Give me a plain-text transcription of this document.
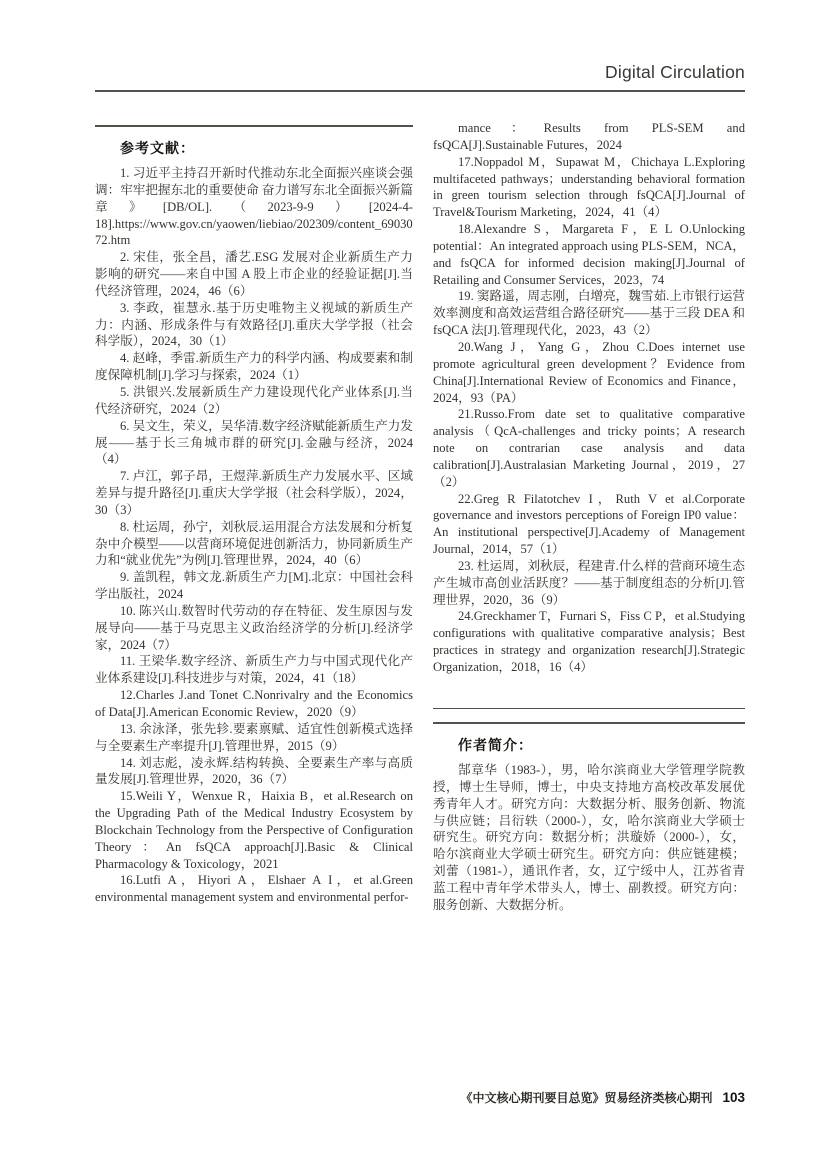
Digital Circulation
参考文献：

1. 习近平主持召开新时代推动东北全面振兴座谈会强调：牢牢把握东北的重要使命 奋力谱写东北全面振兴新篇章》[DB/OL].（2023-9-9）[2024-4-18].https://www.gov.cn/yaowen/liebiao/202309/content_6903072.htm

2. 宋佳，张全昌，潘艺.ESG 发展对企业新质生产力影响的研究——来自中国 A 股上市企业的经验证据[J].当代经济管理，2024，46（6）

3. 李政，崔慧永.基于历史唯物主义视域的新质生产力：内涵、形成条件与有效路径[J].重庆大学学报（社会科学版），2024，30（1）

4. 赵峰，季雷.新质生产力的科学内涵、构成要素和制度保障机制[J].学习与探索，2024（1）

5. 洪银兴.发展新质生产力建设现代化产业体系[J].当代经济研究，2024（2）

6. 吴文生，荣义，吴华清.数字经济赋能新质生产力发展——基于长三角城市群的研究[J].金融与经济，2024（4）

7. 卢江，郭子昂，王煜萍.新质生产力发展水平、区域差异与提升路径[J].重庆大学学报（社会科学版），2024，30（3）

8. 杜运周，孙宁，刘秋辰.运用混合方法发展和分析复杂中介模型——以营商环境促进创新活力，协同新质生产力和“就业优先”为例[J].管理世界，2024，40（6）

9. 盖凯程，韩文龙.新质生产力[M].北京：中国社会科学出版社，2024

10. 陈兴山.数智时代劳动的存在特征、发生原因与发展导向——基于马克思主义政治经济学的分析[J].经济学家，2024（7）

11. 王梁华.数字经济、新质生产力与中国式现代化产业体系建设[J].科技进步与对策，2024，41（18）

12.Charles J.and Tonet C.Nonrivalry and the Economics of Data[J].American Economic Review，2020（9）

13. 余泳泽，张先轸.要素禀赋、适宜性创新模式选择与全要素生产率提升[J].管理世界，2015（9）

14. 刘志彪，凌永辉.结构转换、全要素生产率与高质量发展[J].管理世界，2020，36（7）

15.Weili Y，Wenxue R，Haixia B，et al.Research on the Upgrading Path of the Medical Industry Ecosystem by Blockchain Technology from the Perspective of Configuration Theory：An fsQCA approach[J].Basic & Clinical Pharmacology & Toxicology，2021

16.Lutfi A，Hiyori A，Elshaer A I，et al.Green environmental management system and environmental perfor-

mance：Results from PLS-SEM and fsQCA[J].Sustainable Futures，2024

17.Noppadol M，Supawat M，Chichaya L.Exploring multifaceted pathways；understanding behavioral formation in green tourism selection through fsQCA[J].Journal of Travel&Tourism Marketing，2024，41（4）

18.Alexandre S，Margareta F，E L O.Unlocking potential：An integrated approach using PLS-SEM，NCA，and fsQCA for informed decision making[J].Journal of Retailing and Consumer Services，2023，74

19. 窦路遥，周志刚，白增亮，魏雪茹.上市银行运营效率测度和高效运营组合路径研究——基于三段 DEA 和 fsQCA 法[J].管理现代化，2023，43（2）

20.Wang J，Yang G，Zhou C.Does internet use promote agricultural green development？Evidence from China[J].International Review of Economics and Finance，2024，93（PA）

21.Russo.From date set to qualitative comparative analysis（QcA-challenges and tricky points；A research note on contrarian case analysis and data calibration[J].Australasian Marketing Journal，2019，27（2）

22.Greg R Filatotchev I，Ruth V et al.Corporate governance and investors perceptions of Foreign IP0 value：An institutional perspective[J].Academy of Management Journal，2014，57（1）

23. 杜运周，刘秋辰，程建青.什么样的营商环境生态产生城市高创业活跃度？——基于制度组态的分析[J].管理世界，2020，36（9）

24.Greckhamer T，Furnari S，Fiss C P，et al.Studying configurations with qualitative comparative analysis；Best practices in strategy and organization research[J].Strategic Organization，2018，16（4）

作者简介：

郜章华（1983-），男，哈尔滨商业大学管理学院教授，博士生导师，博士，中央支持地方高校改革发展优秀青年人才。研究方向：大数据分析、服务创新、物流与供应链；吕衍轶（2000-），女，哈尔滨商业大学硕士研究生。研究方向：数据分析；洪璇娇（2000-），女，哈尔滨商业大学硕士研究生。研究方向：供应链建模；刘蕾（1981-），通讯作者，女，辽宁绥中人，江苏省青蓝工程中青年学术带头人，博士、副教授。研究方向：服务创新、大数据分析。

《中文核心期刊要目总览》贸易经济类核心期刊 103
